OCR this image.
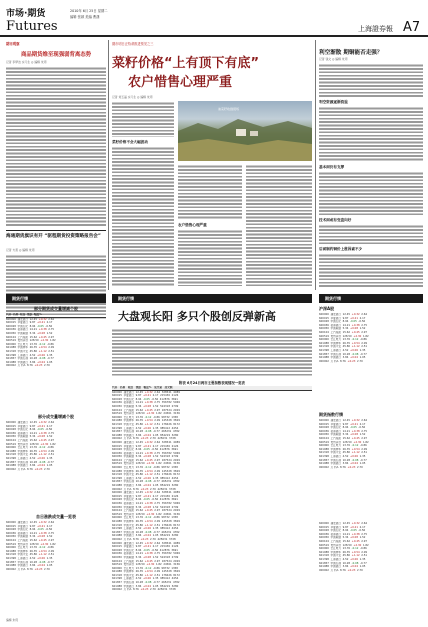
市场·期货
Futures
2010年 6月 25日 星期二
编辑 张颖 美编 曹潇
上海證券報 A7
期市观察
商品期货维至现强弱背离态势
记者 李梦洁 实习生 ◎ 编辑 朱玥
海通期货旗识有开 “驱程期货投资策略报告会”
记者 方喜 ◎ 编辑 朱玥
期市明日正待命推进预见之三
菜籽价格“上有顶下有底”
农户惜售心理严重
记者 刘玉晶 实习生 ◎ 编辑 朱玥
菜籽价格不会大幅波动
油菜籽收割现场
农户惜售心理严重
利空渐散 期铜能否走强？
记者 钱文 ◎ 编辑 朱玥
利空资源逐渐消退
基本面仍有支撑
技术面或有变盘向好
后面制约铜价上涨因素不少
期货行情	期货行情	期货行情
部分期货成交量增减个股
代码 名称 收盘 涨跌 幅度%
600000  浦发银行  12.45  +0.32  2.64
600015  华夏银行  9.87  +0.21  2.17
600028  中国石化  8.94  -0.05  -0.56
600036  招商银行  14.21  +0.38  2.75
600050  中国联通  5.34  +0.08  1.52
600104  上汽集团  15.62  +0.45  2.97
600519  贵州茅台  128.50  +2.30  1.82
600900  长江电力  13.76  -0.12  -0.86
601088  中国神华  26.35  +0.54  2.09
601318  中国平安  45.80  +1.12  2.51
601398  工商银行  4.52  +0.06  1.35
601857  中国石油  10.28  -0.08  -0.77
601988  中国银行  3.84  +0.04  1.05
000002  万 科A  8.76  +0.23  2.70
部分成交量增减个股
600000  浦发银行  12.45  +0.32  2.64
600015  华夏银行  9.87  +0.21  2.17
600028  中国石化  8.94  -0.05  -0.56
600036  招商银行  14.21  +0.38  2.75
600050  中国联通  5.34  +0.08  1.52
600104  上汽集团  15.62  +0.45  2.97
600519  贵州茅台  128.50  +2.30  1.82
600900  长江电力  13.76  -0.12  -0.86
601088  中国神华  26.35  +0.54  2.09
601318  中国平安  45.80  +1.12  2.51
601398  工商银行  4.52  +0.06  1.35
601857  中国石油  10.28  -0.08  -0.77
601988  中国银行  3.84  +0.04  1.05
000002  万 科A  8.76  +0.23  2.70
自日涨跌成交量一览表
600000  浦发银行  12.45  +0.32  2.64
600015  华夏银行  9.87  +0.21  2.17
600028  中国石化  8.94  -0.05  -0.56
600036  招商银行  14.21  +0.38  2.75
600050  中国联通  5.34  +0.08  1.52
600104  上汽集团  15.62  +0.45  2.97
600519  贵州茅台  128.50  +2.30  1.82
600900  长江电力  13.76  -0.12  -0.86
601088  中国神华  26.35  +0.54  2.09
601318  中国平安  45.80  +1.12  2.51
601398  工商银行  4.52  +0.06  1.35
601857  中国石油  10.28  -0.08  -0.77
601988  中国银行  3.84  +0.04  1.05
000002  万 科A  8.76  +0.23  2.70
编辑 朱玥
大盘观长阳 多只个股创反弹新高
附表 6月24日两市主要指数表现情况一览表
代码 名称 收盘 涨跌 幅度% 成交量 成交额
600000  浦发银行  12.45  +0.32  2.64  328541  4089
600015  华夏银行  9.87  +0.21  2.17  215436  2126
600028  中国石化  8.94  -0.05  -0.56  412876  3691
600036  招商银行  14.21  +0.38  2.75  356782  5069
600050  中国联通  5.34  +0.08  1.52  524318  2799
600104  上汽集团  15.62  +0.45  2.97  187524  2929
600519  贵州茅台  128.50  +2.30  1.82  24561  3156
600900  长江电力  13.76  -0.12  -0.86  98732  1358
601088  中国神华  26.35  +0.54  2.09  145328  3829
601318  中国平安  45.80  +1.12  2.51  178426  8172
601398  工商银行  4.52  +0.06  1.35  985412  4454
601857  中国石油  10.28  -0.08  -0.77  465231  4782
601988  中国银行  3.84  +0.04  1.05  854219  3280
000002  万 科A  8.76  +0.23  2.70  425631  3728
600000  浦发银行  12.45  +0.32  2.64  328541  4089
600015  华夏银行  9.87  +0.21  2.17  215436  2126
600028  中国石化  8.94  -0.05  -0.56  412876  3691
600036  招商银行  14.21  +0.38  2.75  356782  5069
600050  中国联通  5.34  +0.08  1.52  524318  2799
600104  上汽集团  15.62  +0.45  2.97  187524  2929
600519  贵州茅台  128.50  +2.30  1.82  24561  3156
600900  长江电力  13.76  -0.12  -0.86  98732  1358
601088  中国神华  26.35  +0.54  2.09  145328  3829
601318  中国平安  45.80  +1.12  2.51  178426  8172
601398  工商银行  4.52  +0.06  1.35  985412  4454
601857  中国石油  10.28  -0.08  -0.77  465231  4782
601988  中国银行  3.84  +0.04  1.05  854219  3280
000002  万 科A  8.76  +0.23  2.70  425631  3728
600000  浦发银行  12.45  +0.32  2.64  328541  4089
600015  华夏银行  9.87  +0.21  2.17  215436  2126
600028  中国石化  8.94  -0.05  -0.56  412876  3691
600036  招商银行  14.21  +0.38  2.75  356782  5069
600050  中国联通  5.34  +0.08  1.52  524318  2799
600104  上汽集团  15.62  +0.45  2.97  187524  2929
600519  贵州茅台  128.50  +2.30  1.82  24561  3156
600900  长江电力  13.76  -0.12  -0.86  98732  1358
601088  中国神华  26.35  +0.54  2.09  145328  3829
601318  中国平安  45.80  +1.12  2.51  178426  8172
601398  工商银行  4.52  +0.06  1.35  985412  4454
601857  中国石油  10.28  -0.08  -0.77  465231  4782
601988  中国银行  3.84  +0.04  1.05  854219  3280
000002  万 科A  8.76  +0.23  2.70  425631  3728
600000  浦发银行  12.45  +0.32  2.64  328541  4089
600015  华夏银行  9.87  +0.21  2.17  215436  2126
600028  中国石化  8.94  -0.05  -0.56  412876  3691
600036  招商银行  14.21  +0.38  2.75  356782  5069
600050  中国联通  5.34  +0.08  1.52  524318  2799
600104  上汽集团  15.62  +0.45  2.97  187524  2929
600519  贵州茅台  128.50  +2.30  1.82  24561  3156
600900  长江电力  13.76  -0.12  -0.86  98732  1358
601088  中国神华  26.35  +0.54  2.09  145328  3829
601318  中国平安  45.80  +1.12  2.51  178426  8172
601398  工商银行  4.52  +0.06  1.35  985412  4454
601857  中国石油  10.28  -0.08  -0.77  465231  4782
601988  中国银行  3.84  +0.04  1.05  854219  3280
000002  万 科A  8.76  +0.23  2.70  425631  3728
沪深A股
600000  浦发银行  12.45  +0.32  2.64
600015  华夏银行  9.87  +0.21  2.17
600028  中国石化  8.94  -0.05  -0.56
600036  招商银行  14.21  +0.38  2.75
600050  中国联通  5.34  +0.08  1.52
600104  上汽集团  15.62  +0.45  2.97
600519  贵州茅台  128.50  +2.30  1.82
600900  长江电力  13.76  -0.12  -0.86
601088  中国神华  26.35  +0.54  2.09
601318  中国平安  45.80  +1.12  2.51
601398  工商银行  4.52  +0.06  1.35
601857  中国石油  10.28  -0.08  -0.77
601988  中国银行  3.84  +0.04  1.05
000002  万 科A  8.76  +0.23  2.70
期货指数行情
600000  浦发银行  12.45  +0.32  2.64
600015  华夏银行  9.87  +0.21  2.17
600028  中国石化  8.94  -0.05  -0.56
600036  招商银行  14.21  +0.38  2.75
600050  中国联通  5.34  +0.08  1.52
600104  上汽集团  15.62  +0.45  2.97
600519  贵州茅台  128.50  +2.30  1.82
600900  长江电力  13.76  -0.12  -0.86
601088  中国神华  26.35  +0.54  2.09
601318  中国平安  45.80  +1.12  2.51
601398  工商银行  4.52  +0.06  1.35
601857  中国石油  10.28  -0.08  -0.77
601988  中国银行  3.84  +0.04  1.05
000002  万 科A  8.76  +0.23  2.70
600000  浦发银行  12.45  +0.32  2.64
600015  华夏银行  9.87  +0.21  2.17
600028  中国石化  8.94  -0.05  -0.56
600036  招商银行  14.21  +0.38  2.75
600050  中国联通  5.34  +0.08  1.52
600104  上汽集团  15.62  +0.45  2.97
600519  贵州茅台  128.50  +2.30  1.82
600900  长江电力  13.76  -0.12  -0.86
601088  中国神华  26.35  +0.54  2.09
601318  中国平安  45.80  +1.12  2.51
601398  工商银行  4.52  +0.06  1.35
601857  中国石油  10.28  -0.08  -0.77
601988  中国银行  3.84  +0.04  1.05
000002  万 科A  8.76  +0.23  2.70
